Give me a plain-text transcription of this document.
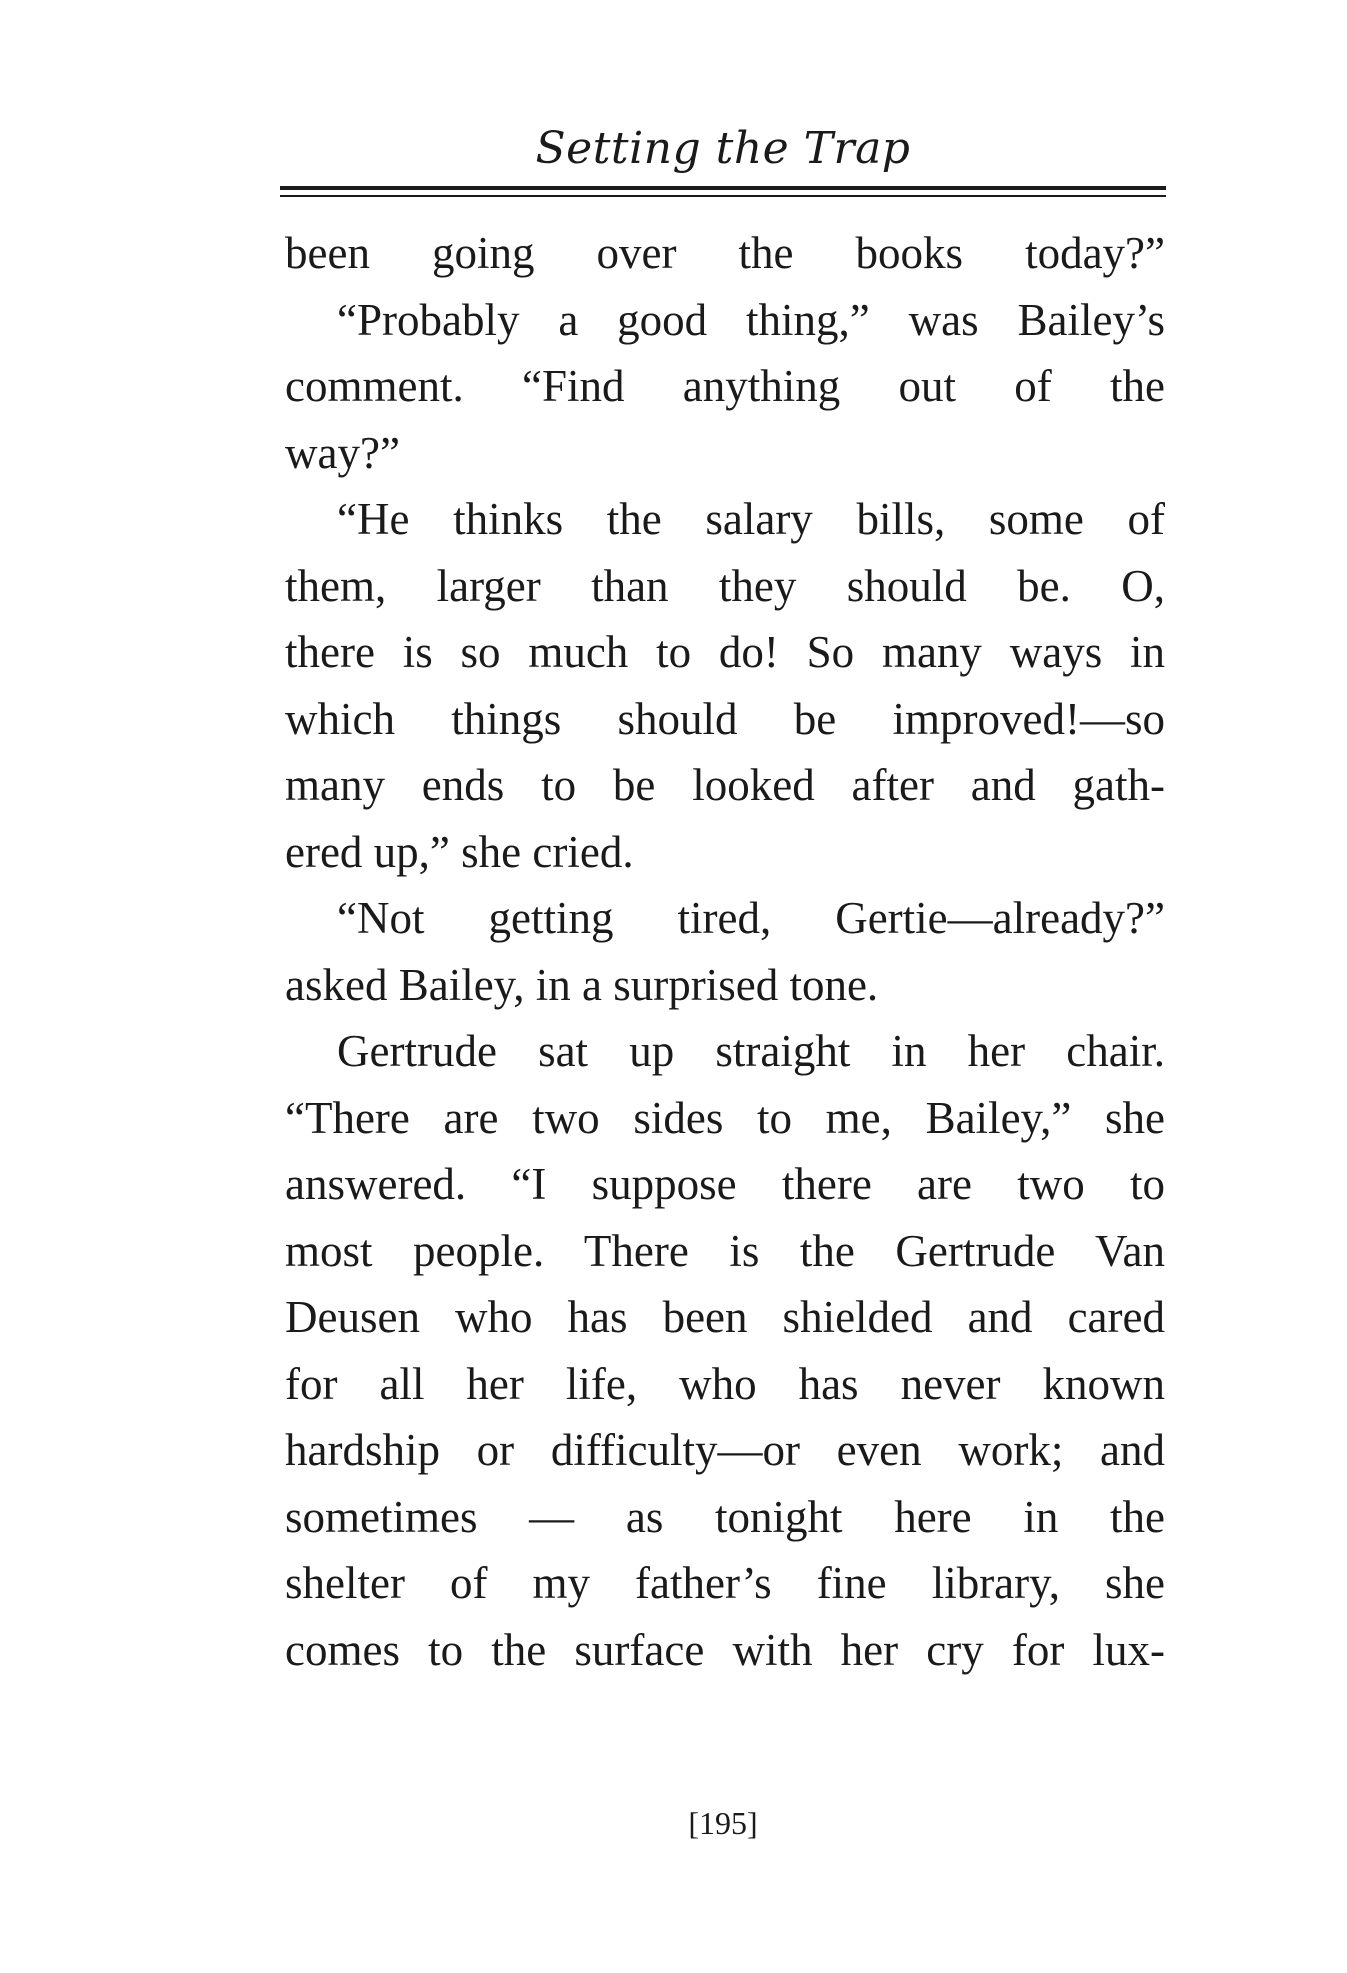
Setting the Trap
been going over the books today?”
“Probably a good thing,” was Bailey’s
comment. “Find anything out of the
way?”
“He thinks the salary bills, some of
them, larger than they should be. O,
there is so much to do! So many ways in
which things should be improved!—so
many ends to be looked after and gath-
ered up,” she cried.
“Not getting tired, Gertie—already?”
asked Bailey, in a surprised tone.
Gertrude sat up straight in her chair.
“There are two sides to me, Bailey,” she
answered. “I suppose there are two to
most people. There is the Gertrude Van
Deusen who has been shielded and cared
for all her life, who has never known
hardship or difficulty—or even work; and
sometimes — as tonight here in the
shelter of my father’s fine library, she
comes to the surface with her cry for lux-
[195]
